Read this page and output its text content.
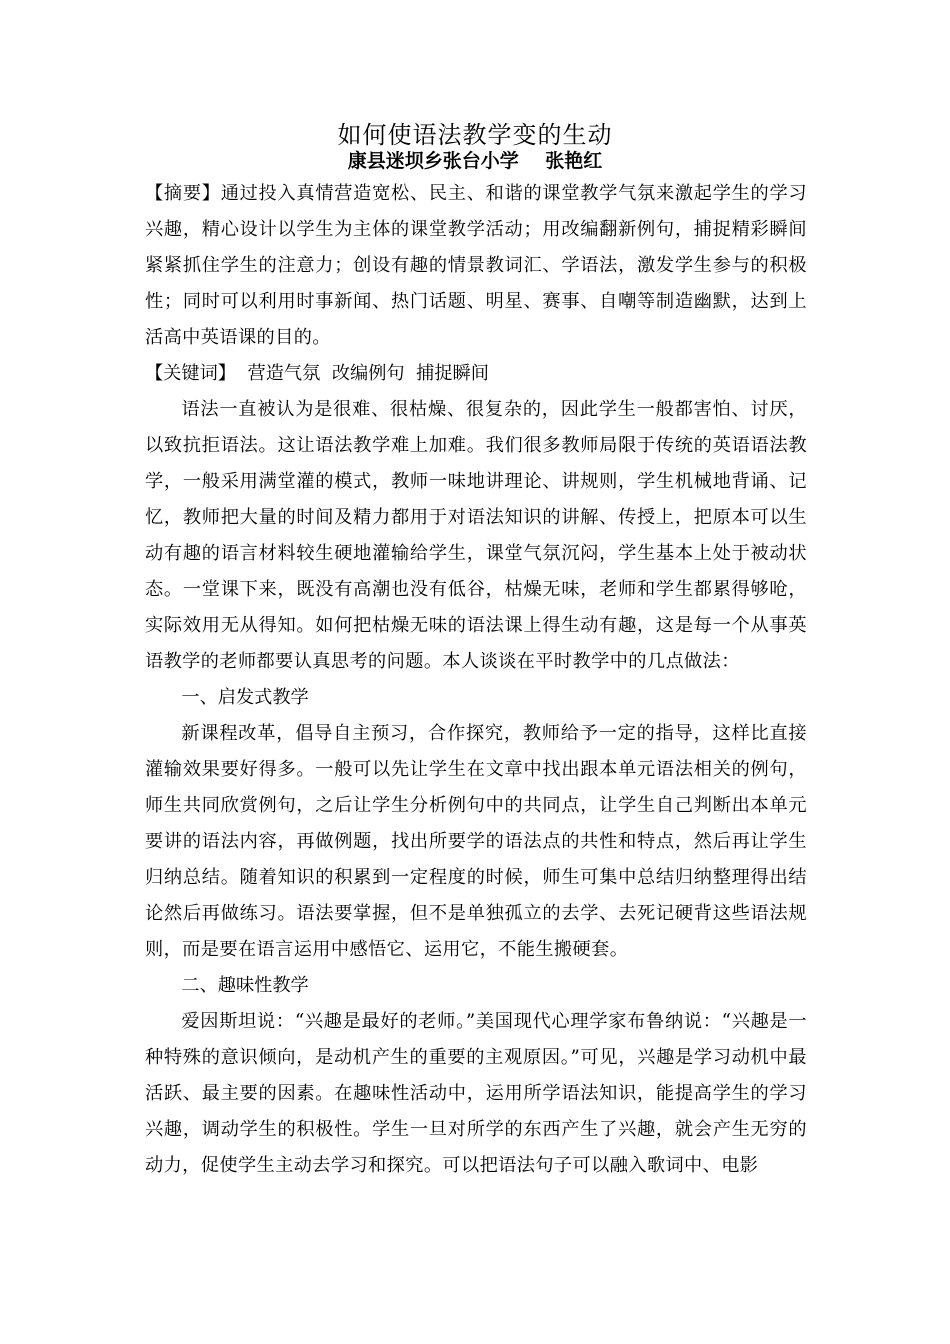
如何使语法教学变的生动
康县迷坝乡张台小学    张艳红

【摘要】通过投入真情营造宽松、民主、和谐的课堂教学气氛来激起学生的学习兴趣，精心设计以学生为主体的课堂教学活动；用改编翻新例句，捕捉精彩瞬间紧紧抓住学生的注意力；创设有趣的情景教词汇、学语法，激发学生参与的积极性；同时可以利用时事新闻、热门话题、明星、赛事、自嘲等制造幽默，达到上活高中英语课的目的。

【关键词】  营造气氛  改编例句  捕捉瞬间

语法一直被认为是很难、很枯燥、很复杂的，因此学生一般都害怕、讨厌，以致抗拒语法。这让语法教学难上加难。我们很多教师局限于传统的英语语法教学，一般采用满堂灌的模式，教师一味地讲理论、讲规则，学生机械地背诵、记忆，教师把大量的时间及精力都用于对语法知识的讲解、传授上，把原本可以生动有趣的语言材料较生硬地灌输给学生，课堂气氛沉闷，学生基本上处于被动状态。一堂课下来，既没有高潮也没有低谷，枯燥无味，老师和学生都累得够呛，实际效用无从得知。如何把枯燥无味的语法课上得生动有趣，这是每一个从事英语教学的老师都要认真思考的问题。本人谈谈在平时教学中的几点做法：

一、启发式教学

新课程改革，倡导自主预习，合作探究，教师给予一定的指导，这样比直接灌输效果要好得多。一般可以先让学生在文章中找出跟本单元语法相关的例句，师生共同欣赏例句，之后让学生分析例句中的共同点，让学生自己判断出本单元要讲的语法内容，再做例题，找出所要学的语法点的共性和特点，然后再让学生归纳总结。随着知识的积累到一定程度的时候，师生可集中总结归纳整理得出结论然后再做练习。语法要掌握，但不是单独孤立的去学、去死记硬背这些语法规则，而是要在语言运用中感悟它、运用它，不能生搬硬套。

二、趣味性教学

爱因斯坦说：“兴趣是最好的老师。”美国现代心理学家布鲁纳说：“兴趣是一种特殊的意识倾向，是动机产生的重要的主观原因。”可见，兴趣是学习动机中最活跃、最主要的因素。在趣味性活动中，运用所学语法知识，能提高学生的学习兴趣，调动学生的积极性。学生一旦对所学的东西产生了兴趣，就会产生无穷的动力，促使学生主动去学习和探究。可以把语法句子可以融入歌词中、电影
